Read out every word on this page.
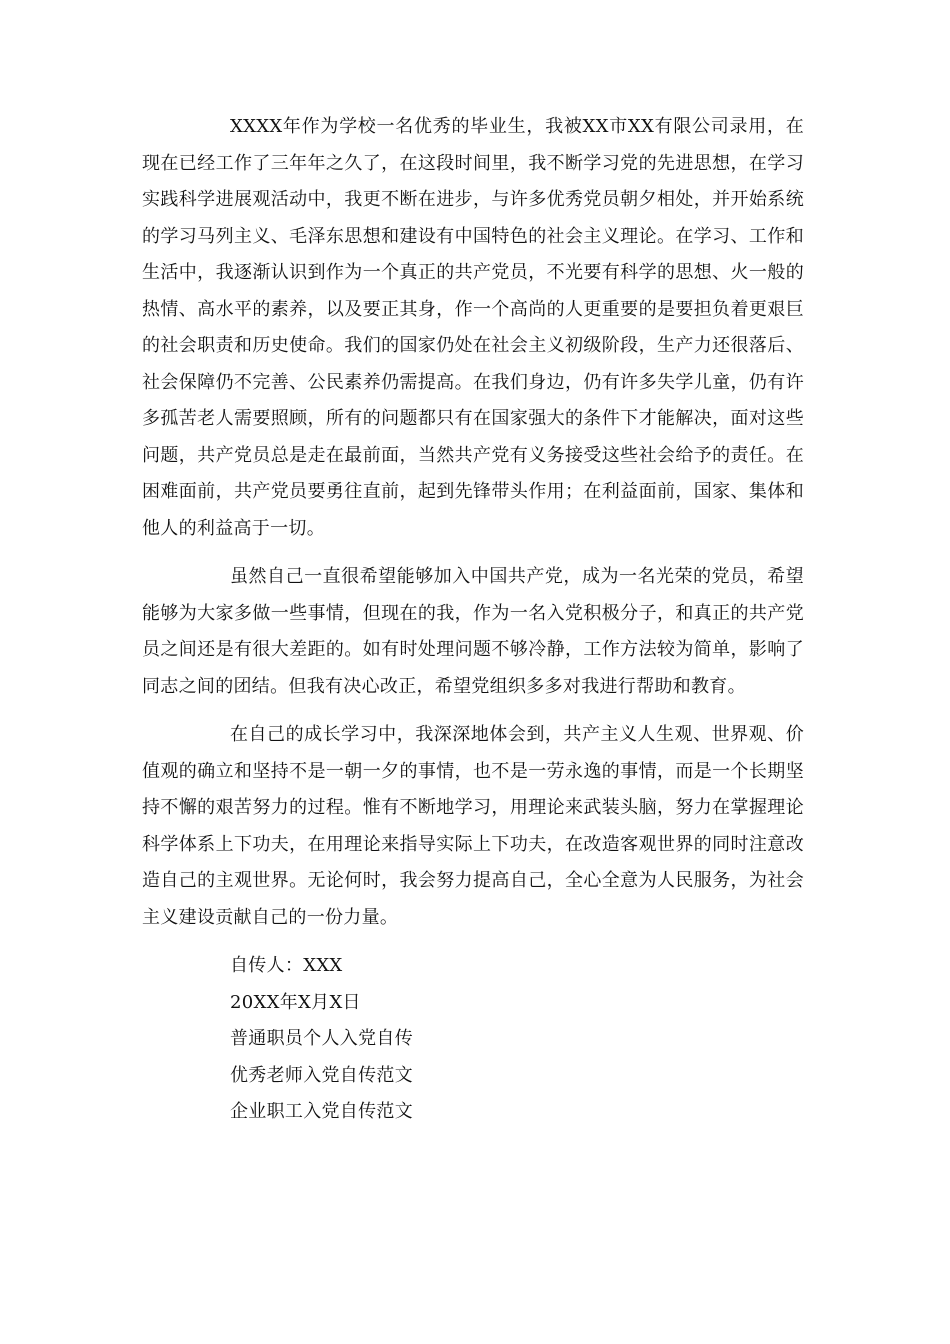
XXXX年作为学校一名优秀的毕业生，我被XX市XX有限公司录用，在现在已经工作了三年年之久了，在这段时间里，我不断学习党的先进思想，在学习实践科学进展观活动中，我更不断在进步，与许多优秀党员朝夕相处，并开始系统的学习马列主义、毛泽东思想和建设有中国特色的社会主义理论。在学习、工作和生活中，我逐渐认识到作为一个真正的共产党员，不光要有科学的思想、火一般的热情、高水平的素养，以及要正其身，作一个高尚的人更重要的是要担负着更艰巨的社会职责和历史使命。我们的国家仍处在社会主义初级阶段，生产力还很落后、社会保障仍不完善、公民素养仍需提高。在我们身边，仍有许多失学儿童，仍有许多孤苦老人需要照顾，所有的问题都只有在国家强大的条件下才能解决，面对这些问题，共产党员总是走在最前面，当然共产党有义务接受这些社会给予的责任。在困难面前，共产党员要勇往直前，起到先锋带头作用；在利益面前，国家、集体和他人的利益高于一切。

虽然自己一直很希望能够加入中国共产党，成为一名光荣的党员，希望能够为大家多做一些事情，但现在的我，作为一名入党积极分子，和真正的共产党员之间还是有很大差距的。如有时处理问题不够冷静，工作方法较为简单，影响了同志之间的团结。但我有决心改正，希望党组织多多对我进行帮助和教育。

在自己的成长学习中，我深深地体会到，共产主义人生观、世界观、价值观的确立和坚持不是一朝一夕的事情，也不是一劳永逸的事情，而是一个长期坚持不懈的艰苦努力的过程。惟有不断地学习，用理论来武装头脑，努力在掌握理论科学体系上下功夫，在用理论来指导实际上下功夫，在改造客观世界的同时注意改造自己的主观世界。无论何时，我会努力提高自己，全心全意为人民服务，为社会主义建设贡献自己的一份力量。

自传人：XXX

20XX年X月X日

普通职员个人入党自传

优秀老师入党自传范文

企业职工入党自传范文
